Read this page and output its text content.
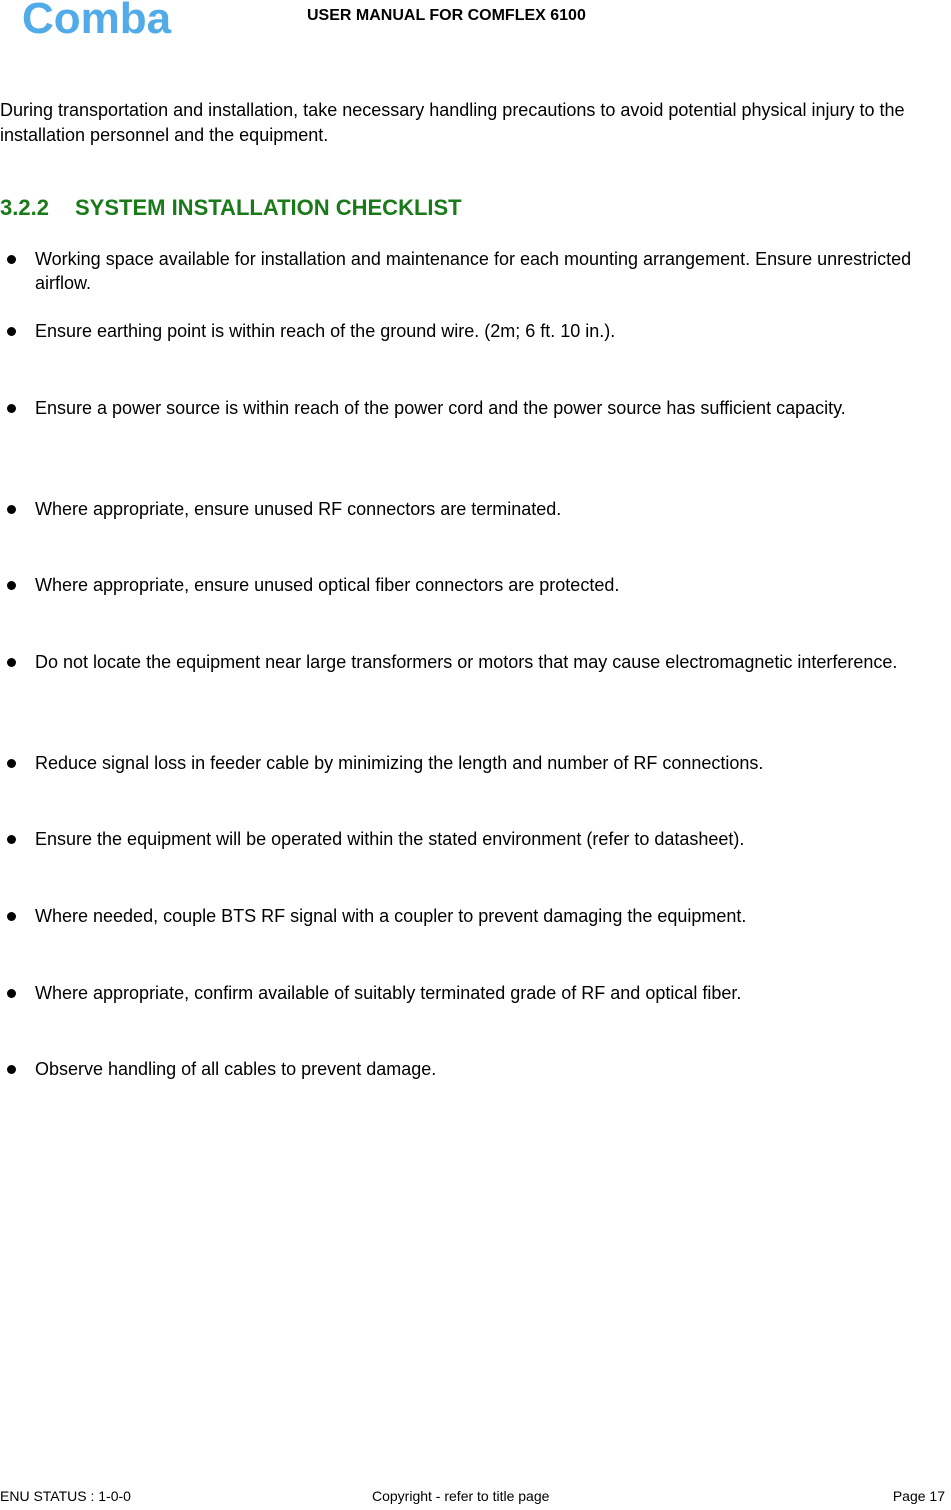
Comba	USER MANUAL FOR COMFLEX 6100
During transportation and installation, take necessary handling precautions to avoid potential physical injury to the installation personnel and the equipment.
3.2.2 SYSTEM INSTALLATION CHECKLIST
Working space available for installation and maintenance for each mounting arrangement. Ensure unrestricted airflow.
Ensure earthing point is within reach of the ground wire. (2m; 6 ft. 10 in.).
Ensure a power source is within reach of the power cord and the power source has sufficient capacity.
Where appropriate, ensure unused RF connectors are terminated.
Where appropriate, ensure unused optical fiber connectors are protected.
Do not locate the equipment near large transformers or motors that may cause electromagnetic interference.
Reduce signal loss in feeder cable by minimizing the length and number of RF connections.
Ensure the equipment will be operated within the stated environment (refer to datasheet).
Where needed, couple BTS RF signal with a coupler to prevent damaging the equipment.
Where appropriate, confirm available of suitably terminated grade of RF and optical fiber.
Observe handling of all cables to prevent damage.
ENU STATUS : 1-0-0	Copyright - refer to title page	Page 17
